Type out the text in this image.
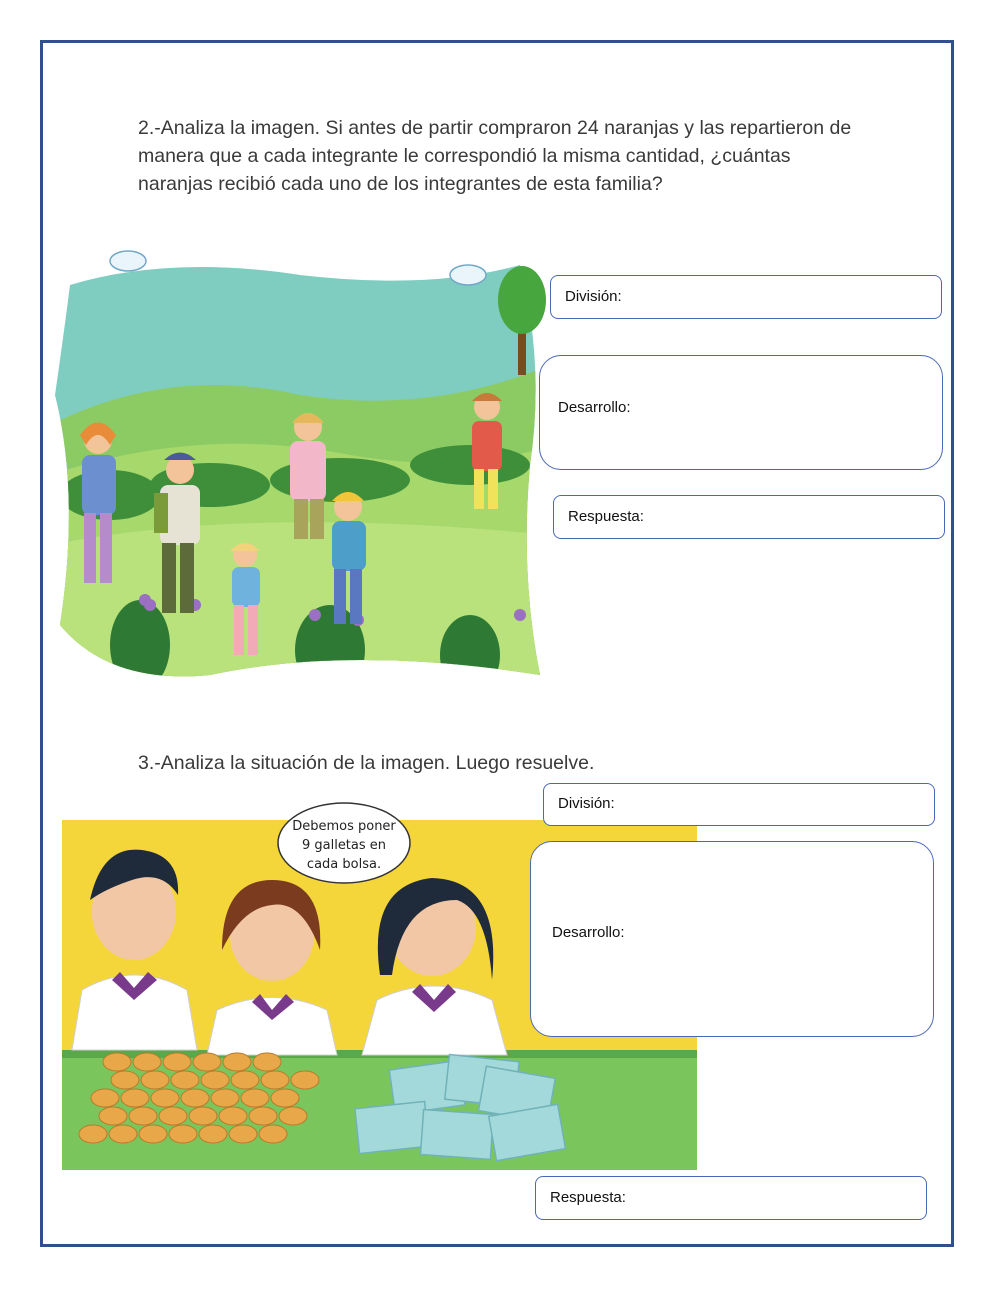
2.-Analiza la imagen. Si antes de partir compraron 24 naranjas y las repartieron de manera que a cada integrante le correspondió la misma cantidad, ¿cuántas naranjas recibió cada uno de los integrantes de esta familia?

División:
Desarrollo:
Respuesta:

3.-Analiza la situación de la imagen. Luego resuelve.

Debemos poner
9 galletas en
cada bolsa.
División:
Desarrollo:
Respuesta:
